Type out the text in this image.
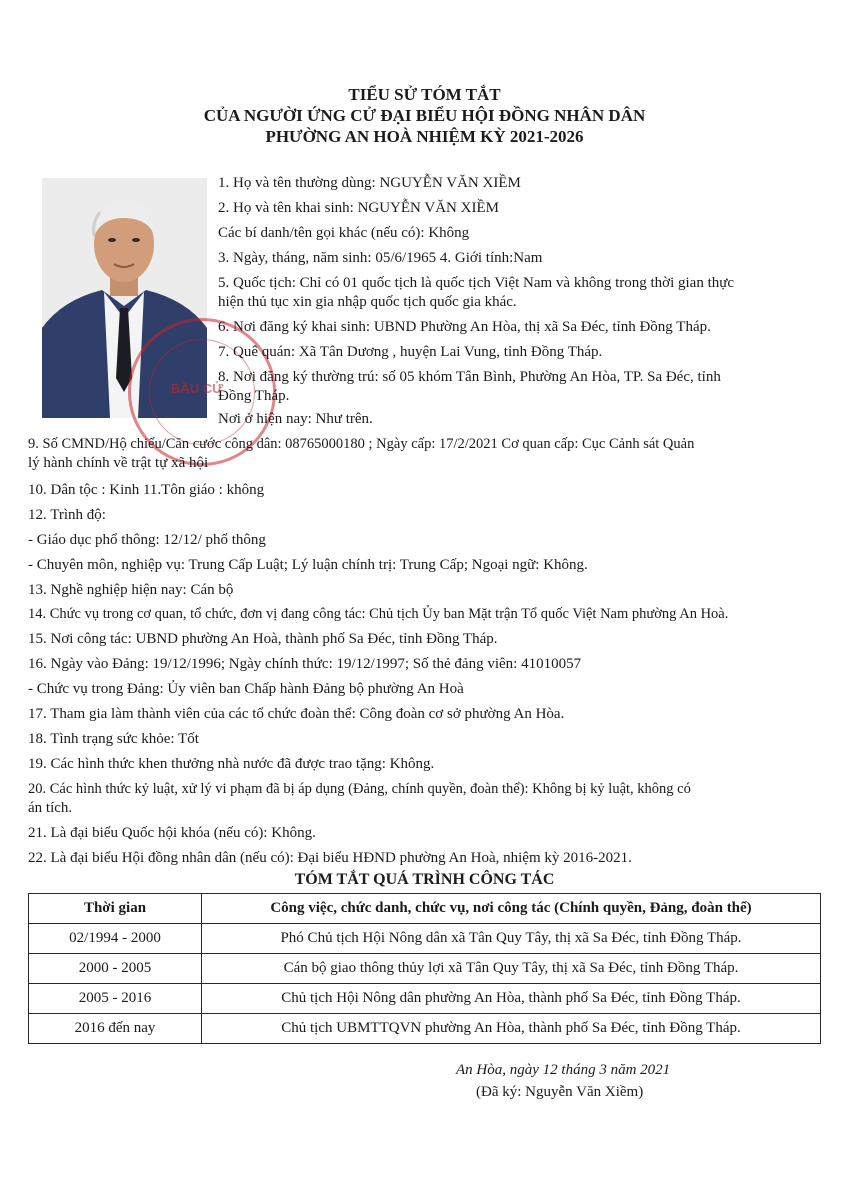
TIỂU SỬ TÓM TẮT
CỦA NGƯỜI ỨNG CỬ ĐẠI BIỂU HỘI ĐỒNG NHÂN DÂN
PHƯỜNG AN HOÀ NHIỆM KỲ 2021-2026
BẦU CỬ
1. Họ và tên thường dùng: NGUYỄN VĂN XIỀM
2. Họ và tên khai sinh: NGUYỄN VĂN XIỀM
Các bí danh/tên gọi khác (nếu có): Không
3. Ngày, tháng, năm sinh: 05/6/1965 4. Giới tính:Nam
5. Quốc tịch: Chỉ có 01 quốc tịch là quốc tịch Việt Nam và không trong thời gian thực
hiện thủ tục xin gia nhập quốc tịch quốc gia khác.
6. Nơi đăng ký khai sinh: UBND Phường An Hòa, thị xã Sa Đéc, tỉnh Đồng Tháp.
7. Quê quán: Xã Tân Dương , huyện Lai Vung, tỉnh Đồng Tháp.
8. Nơi đăng ký thường trú: số 05 khóm Tân Bình, Phường An Hòa, TP. Sa Đéc, tỉnh
Đồng Tháp.
Nơi ở hiện nay: Như trên.
9. Số CMND/Hộ chiếu/Căn cước công dân: 08765000180 ; Ngày cấp: 17/2/2021 Cơ quan cấp: Cục Cảnh sát Quản
lý hành chính về trật tự xã hội
10. Dân tộc : Kinh 11.Tôn giáo : không
12. Trình độ:
- Giáo dục phổ thông: 12/12/ phổ thông
- Chuyên môn, nghiệp vụ: Trung Cấp Luật; Lý luận chính trị: Trung Cấp; Ngoại ngữ: Không.
13. Nghề nghiệp hiện nay: Cán bộ
14. Chức vụ trong cơ quan, tổ chức, đơn vị đang công tác: Chủ tịch Ủy ban Mặt trận Tổ quốc Việt Nam phường An Hoà.
15. Nơi công tác: UBND phường An Hoà, thành phố Sa Đéc, tỉnh Đồng Tháp.
16. Ngày vào Đảng: 19/12/1996; Ngày chính thức: 19/12/1997; Số thẻ đảng viên: 41010057
- Chức vụ trong Đảng: Ủy viên ban Chấp hành Đảng bộ phường An Hoà
17. Tham gia làm thành viên của các tổ chức đoàn thể: Công đoàn cơ sở phường An Hòa.
18. Tình trạng sức khỏe: Tốt
19. Các hình thức khen thưởng nhà nước đã được trao tặng: Không.
20. Các hình thức kỷ luật, xử lý vi phạm đã bị áp dụng (Đảng, chính quyền, đoàn thể): Không bị kỷ luật, không có
án tích.
21. Là đại biểu Quốc hội khóa (nếu có): Không.
22. Là đại biểu Hội đồng nhân dân (nếu có): Đại biểu HĐND phường An Hoà, nhiệm kỳ 2016-2021.
TÓM TẮT QUÁ TRÌNH CÔNG TÁC
Thời gian	Công việc, chức danh, chức vụ, nơi công tác (Chính quyền, Đảng, đoàn thể)
02/1994 - 2000	Phó Chủ tịch Hội Nông dân xã Tân Quy Tây, thị xã Sa Đéc, tỉnh Đồng Tháp.
2000 - 2005	Cán bộ giao thông thủy lợi xã Tân Quy Tây, thị xã Sa Đéc, tỉnh Đồng Tháp.
2005 - 2016	Chủ tịch Hội Nông dân phường An Hòa, thành phố Sa Đéc, tỉnh Đồng Tháp.
2016 đến nay	Chủ tịch UBMTTQVN phường An Hòa, thành phố Sa Đéc, tỉnh Đồng Tháp.
An Hòa, ngày 12 tháng 3 năm 2021
(Đã ký: Nguyễn Văn Xiềm)
